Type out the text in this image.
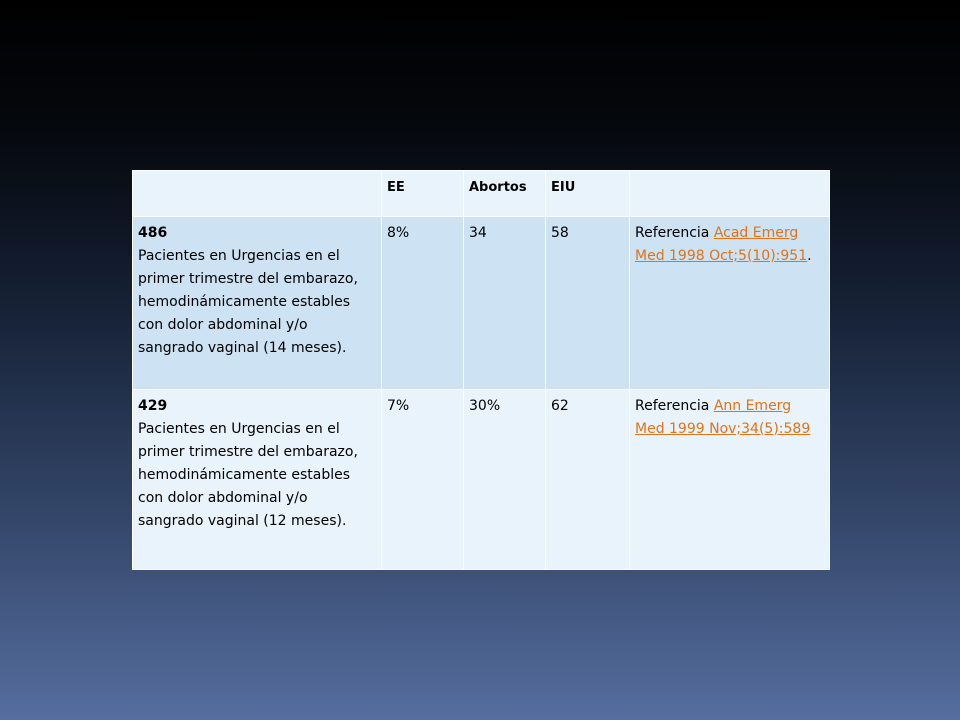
	EE	Abortos	EIU	

486
Pacientes en Urgencias en el primer trimestre del embarazo, hemodinámicamente estables con dolor abdominal y/o sangrado vaginal (14 meses).	8%	34	58	Referencia Acad Emerg Med 1998 Oct;5(10):951.

429
Pacientes en Urgencias en el primer trimestre del embarazo, hemodinámicamente estables con dolor abdominal y/o sangrado vaginal (12 meses).	7%	30%	62	Referencia Ann Emerg Med 1999 Nov;34(5):589
